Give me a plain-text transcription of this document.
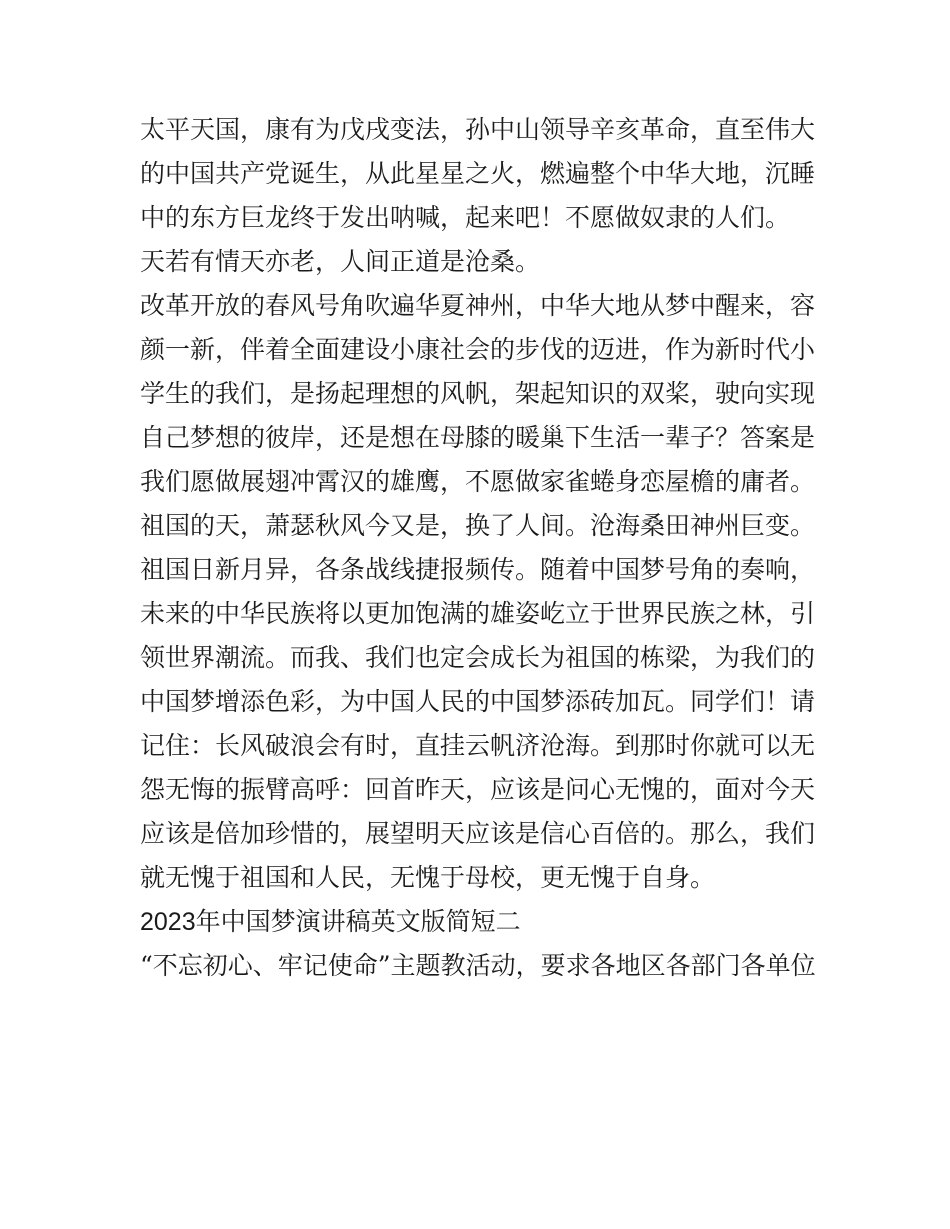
太平天国，康有为戊戌变法，孙中山领导辛亥革命，直至伟大
的中国共产党诞生，从此星星之火，燃遍整个中华大地，沉睡
中的东方巨龙终于发出呐喊，起来吧！不愿做奴隶的人们。
天若有情天亦老，人间正道是沧桑。
改革开放的春风号角吹遍华夏神州，中华大地从梦中醒来，容
颜一新，伴着全面建设小康社会的步伐的迈进，作为新时代小
学生的我们，是扬起理想的风帆，架起知识的双桨，驶向实现
自己梦想的彼岸，还是想在母膝的暖巢下生活一辈子？答案是
我们愿做展翅冲霄汉的雄鹰，不愿做家雀蜷身恋屋檐的庸者。
祖国的天，萧瑟秋风今又是，换了人间。沧海桑田神州巨变。
祖国日新月异，各条战线捷报频传。随着中国梦号角的奏响，
未来的中华民族将以更加饱满的雄姿屹立于世界民族之林，引
领世界潮流。而我、我们也定会成长为祖国的栋梁，为我们的
中国梦增添色彩，为中国人民的中国梦添砖加瓦。同学们！请
记住：长风破浪会有时，直挂云帆济沧海。到那时你就可以无
怨无悔的振臂高呼：回首昨天，应该是问心无愧的，面对今天
应该是倍加珍惜的，展望明天应该是信心百倍的。那么，我们
就无愧于祖国和人民，无愧于母校，更无愧于自身。
2023年中国梦演讲稿英文版简短二
“不忘初心、牢记使命”主题教活动，要求各地区各部门各单位
